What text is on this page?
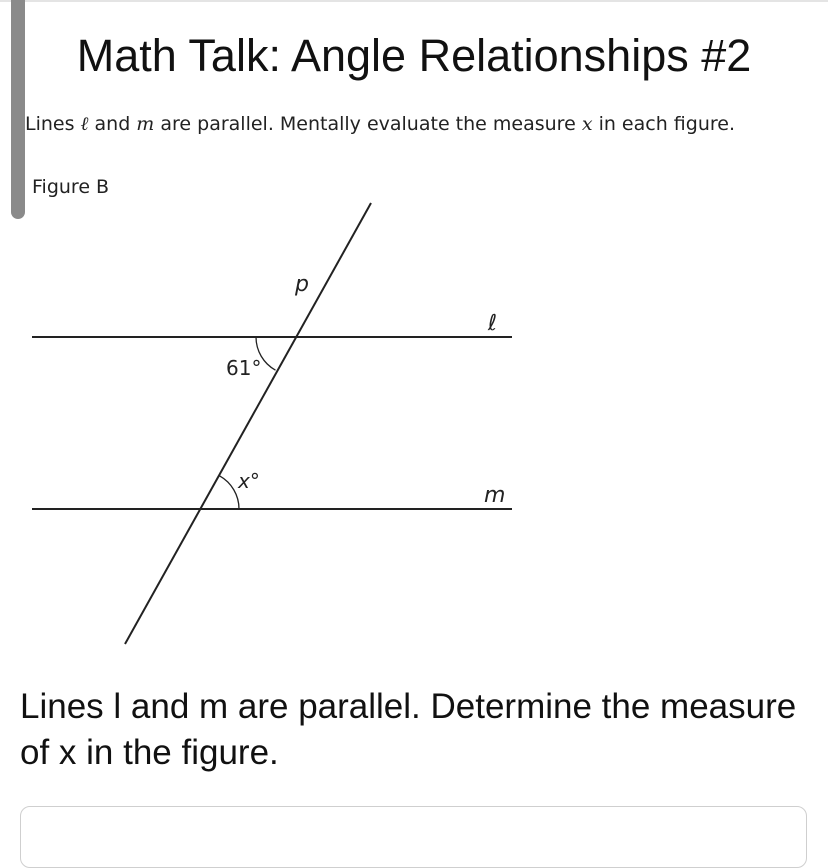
Math Talk: Angle Relationships #2
Lines ℓ and 𝑚 are parallel. Mentally evaluate the measure 𝑥 in each figure.
Figure B
p
ℓ
m
61°
x°
Lines l and m are parallel. Determine the measure of x in the figure.
